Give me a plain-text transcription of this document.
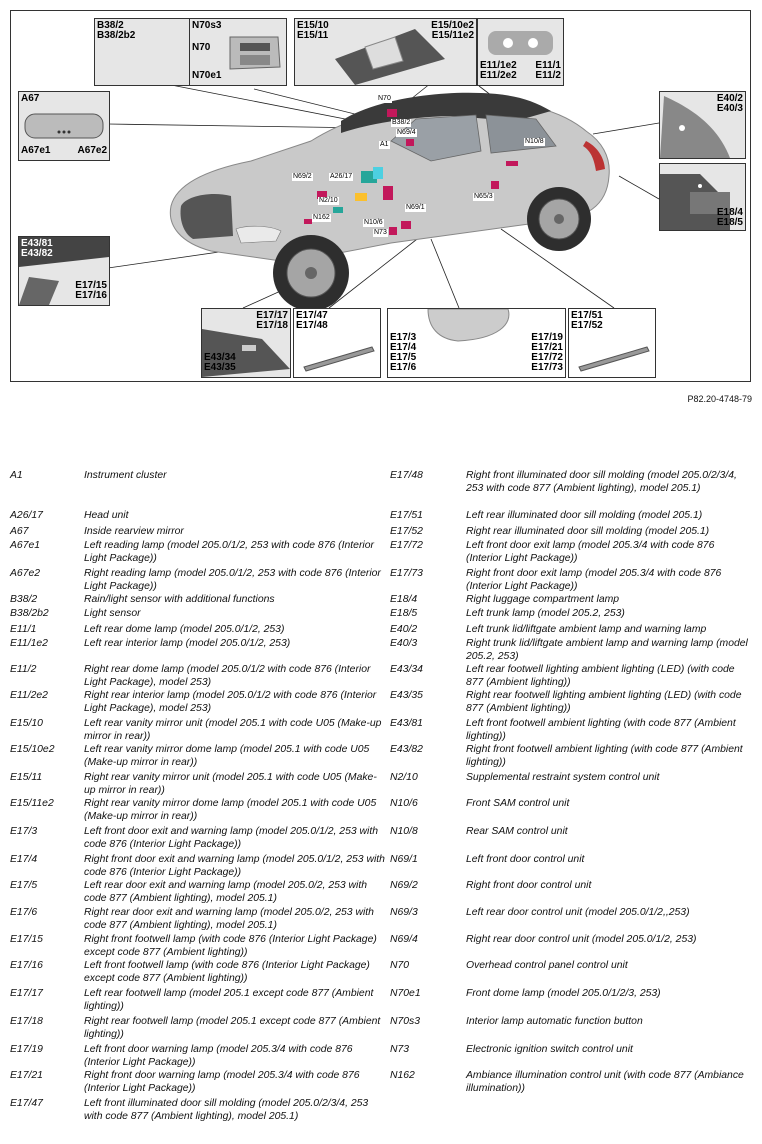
N70
B38/2
N69/4
A1	N10/8
N69/2	A26/17
N65/3
N2/10
N69/1
N162
N10/6
N73
B38/2
B38/2b2
N70s3
N70
N70e1
E15/10
E15/11
E15/10e2
E15/11e2
E11/1e2
E11/2e2
E11/1
E11/2
A67
A67e1	A67e2
E40/2
E40/3
E18/4
E18/5
E43/81
E43/82
E17/15
E17/16
E17/17
E17/18
E43/34
E43/35
E17/47
E17/48
E17/3
E17/4
E17/5
E17/6
E17/19
E17/21
E17/72
E17/73
E17/51
E17/52
P82.20-4748-79
A1	Instrument cluster
A26/17	Head unit
A67	Inside rearview mirror
A67e1	Left reading lamp (model 205.0/1/2, 253 with code 876 (Interior Light Package))
A67e2	Right reading lamp (model 205.0/1/2, 253 with code 876 (Interior Light Package))
B38/2	Rain/light sensor with additional functions
B38/2b2	Light sensor
E11/1	Left rear dome lamp (model 205.0/1/2, 253)
E11/1e2	Left rear interior lamp (model 205.0/1/2, 253)
E11/2	Right rear dome lamp (model 205.0/1/2 with code 876 (Interior Light Package), model 253)
E11/2e2	Right rear interior lamp (model 205.0/1/2 with code 876 (Interior Light Package), model 253)
E15/10	Left rear vanity mirror unit (model 205.1 with code U05 (Make-up mirror in rear))
E15/10e2	Left rear vanity mirror dome lamp (model 205.1 with code U05 (Make-up mirror in rear))
E15/11	Right rear vanity mirror unit (model 205.1 with code U05 (Make-up mirror in rear))
E15/11e2	Right rear vanity mirror dome lamp (model 205.1 with code U05 (Make-up mirror in rear))
E17/3	Left front door exit and warning lamp (model 205.0/1/2, 253 with code 876 (Interior Light Package))
E17/4	Right front door exit and warning lamp (model 205.0/1/2, 253 with code 876 (Interior Light Package))
E17/5	Left rear door exit and warning lamp (model 205.0/2, 253 with code 877 (Ambient lighting), model 205.1)
E17/6	Right rear door exit and warning lamp (model 205.0/2, 253 with code 877 (Ambient lighting), model 205.1)
E17/15	Right front footwell lamp (with code 876 (Interior Light Package) except code 877 (Ambient lighting))
E17/16	Left front footwell lamp (with code 876 (Interior Light Package) except code 877 (Ambient lighting))
E17/17	Left rear footwell lamp (model 205.1 except code 877 (Ambient lighting))
E17/18	Right rear footwell lamp (model 205.1 except code 877 (Ambient lighting))
E17/19	Left front door warning lamp (model 205.3/4 with code 876 (Interior Light Package))
E17/21	Right front door warning lamp (model 205.3/4 with code 876 (Interior Light Package))
E17/47	Left front illuminated door sill molding (model 205.0/2/3/4, 253 with code 877 (Ambient lighting), model 205.1)
E17/48	Right front illuminated door sill molding (model 205.0/2/3/4, 253 with code 877 (Ambient lighting), model 205.1)
E17/51	Left rear illuminated door sill molding (model 205.1)
E17/52	Right rear illuminated door sill molding (model 205.1)
E17/72	Left front door exit lamp (model 205.3/4 with code 876 (Interior Light Package))
E17/73	Right front door exit lamp (model 205.3/4 with code 876 (Interior Light Package))
E18/4	Right luggage compartment lamp
E18/5	Left trunk lamp (model 205.2, 253)
E40/2	Left trunk lid/liftgate ambient lamp and warning lamp
E40/3	Right trunk lid/liftgate ambient lamp and warning lamp (model 205.2, 253)
E43/34	Left rear footwell lighting ambient lighting (LED) (with code 877 (Ambient lighting))
E43/35	Right rear footwell lighting ambient lighting (LED) (with code 877 (Ambient lighting))
E43/81	Left front footwell ambient lighting (with code 877 (Ambient lighting))
E43/82	Right front footwell ambient lighting (with code 877 (Ambient lighting))
N2/10	Supplemental restraint system control unit
N10/6	Front SAM control unit
N10/8	Rear SAM control unit
N69/1	Left front door control unit
N69/2	Right front door control unit
N69/3	Left rear door control unit (model 205.0/1/2,,253)
N69/4	Right rear door control unit (model 205.0/1/2, 253)
N70	Overhead control panel control unit
N70e1	Front dome lamp (model 205.0/1/2/3, 253)
N70s3	Interior lamp automatic function button
N73	Electronic ignition switch control unit
N162	Ambiance illumination control unit (with code 877 (Ambiance illumination))
